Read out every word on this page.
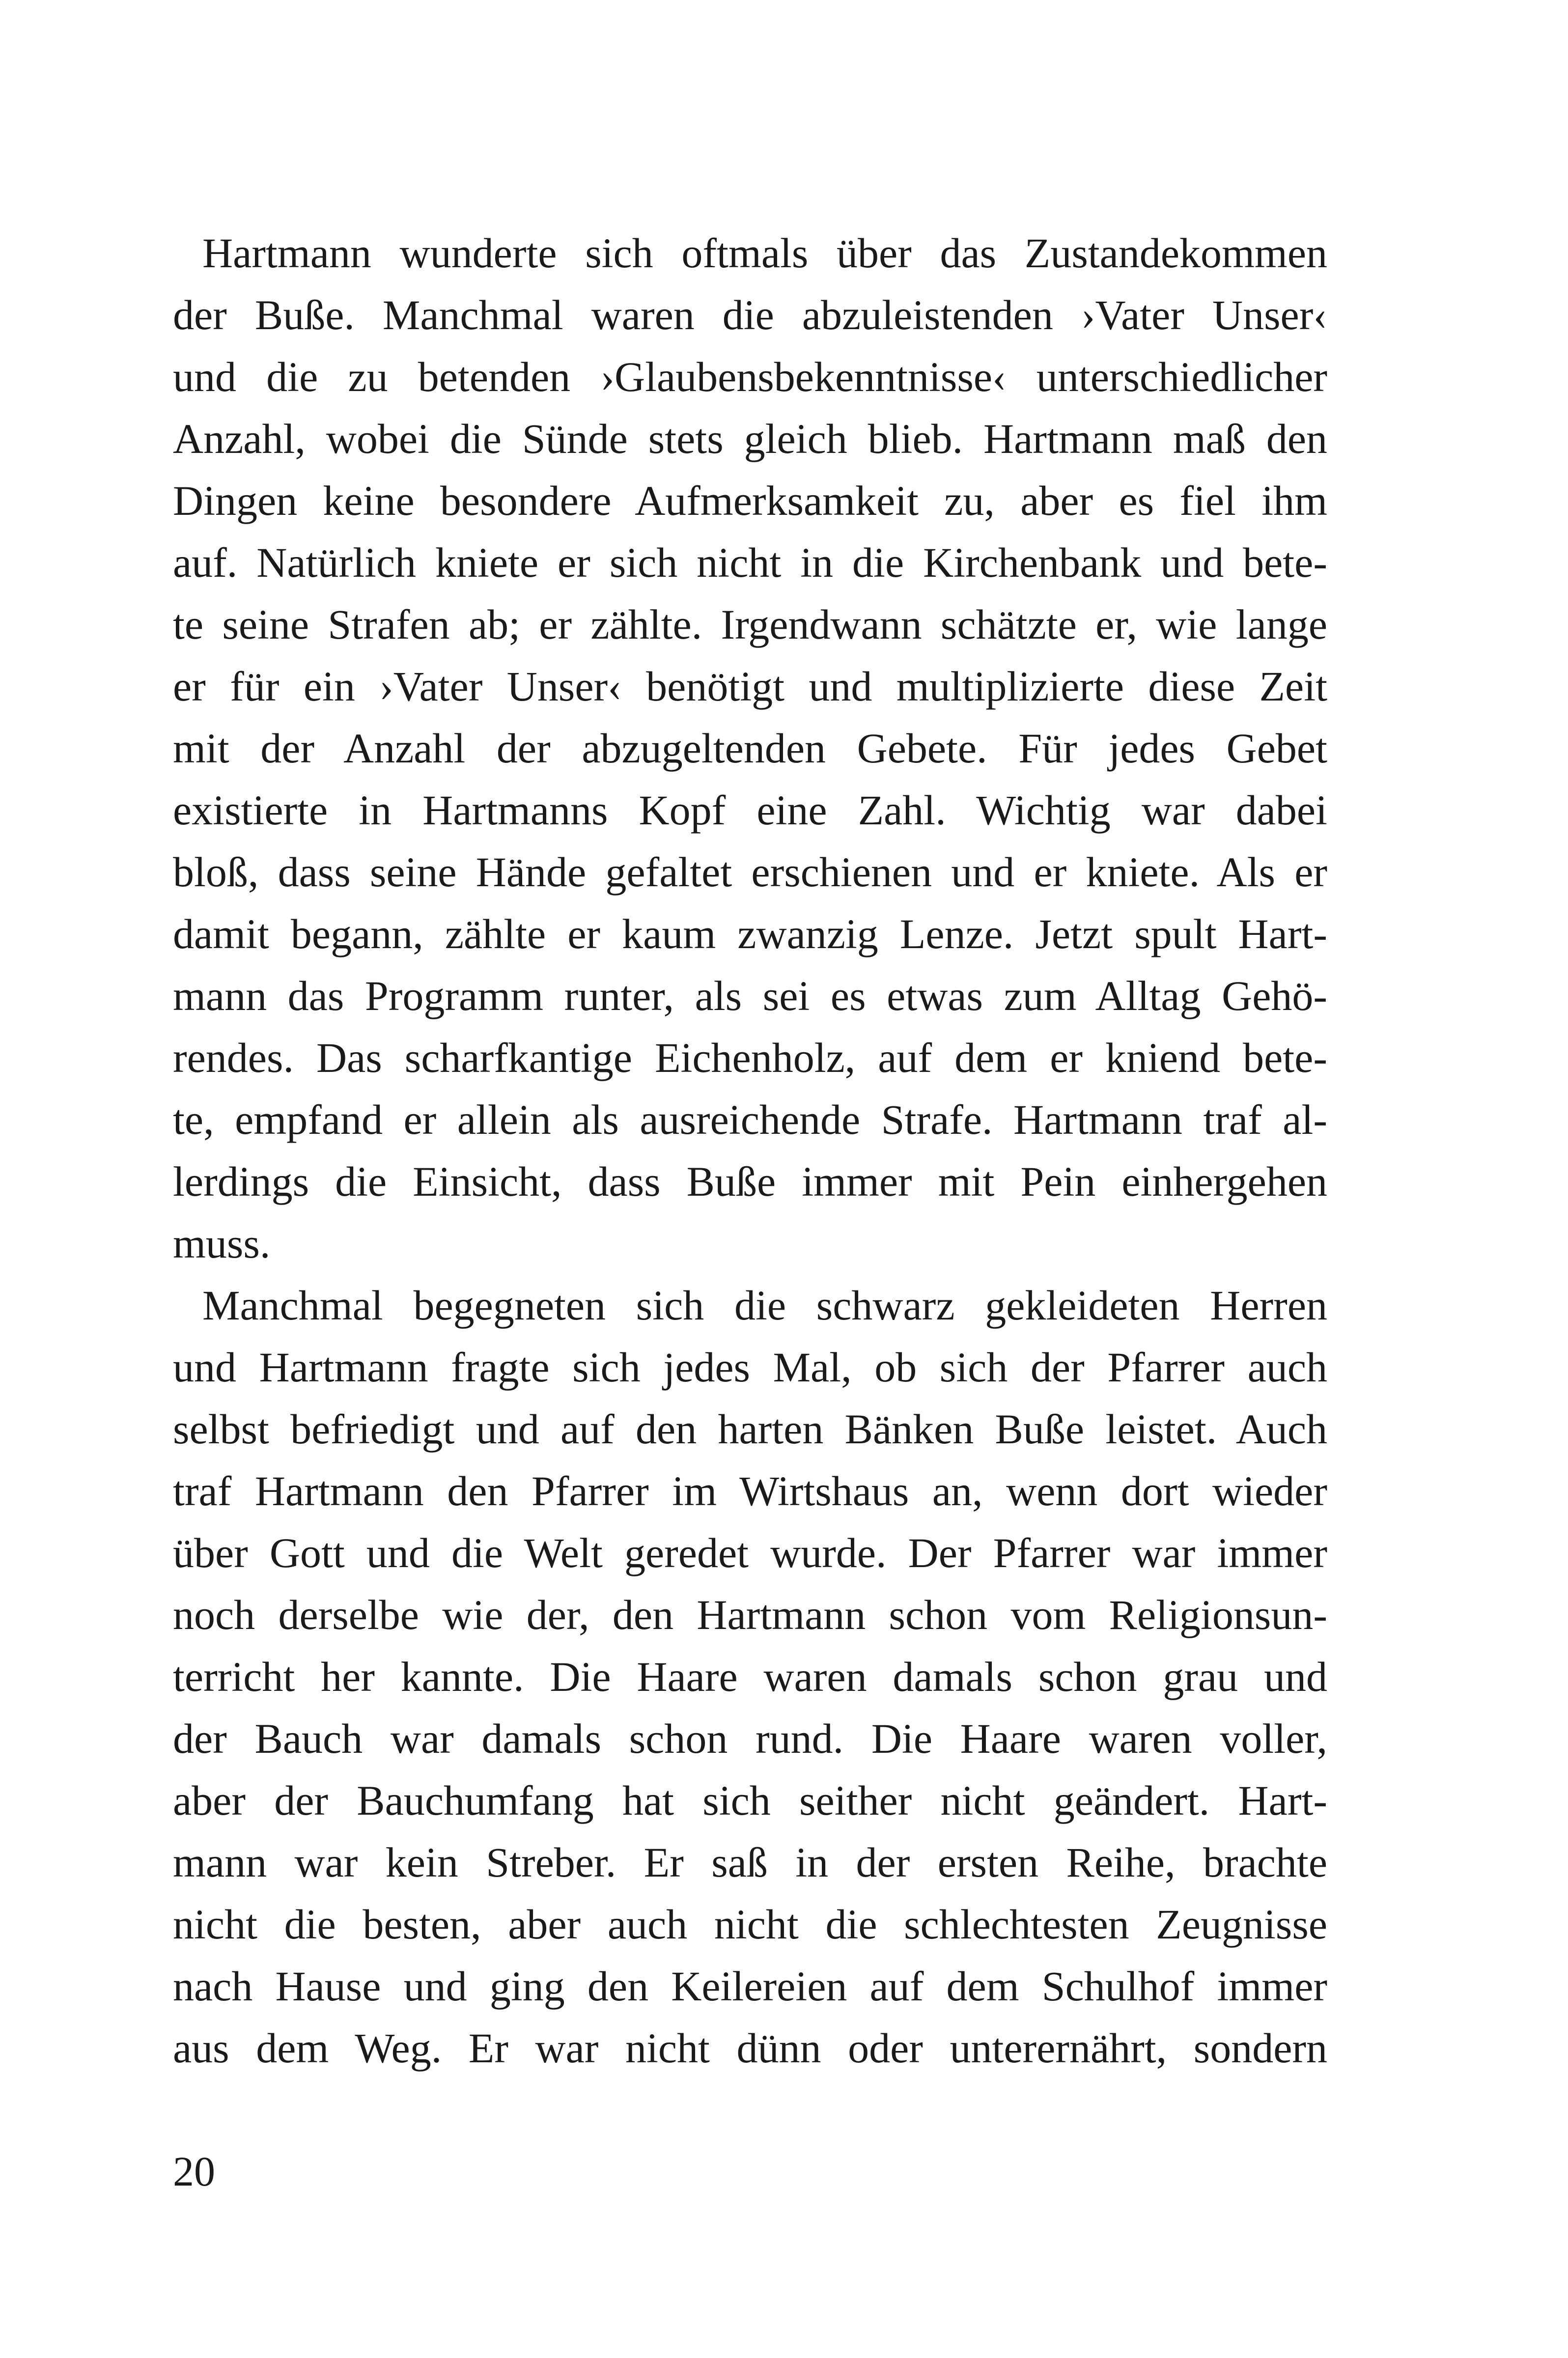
Hartmann wunderte sich oftmals über das Zustandekommen
der Buße. Manchmal waren die abzuleistenden ›Vater Unser‹
und die zu betenden ›Glaubensbekenntnisse‹ unterschiedlicher
Anzahl, wobei die Sünde stets gleich blieb. Hartmann maß den
Dingen keine besondere Aufmerksamkeit zu, aber es fiel ihm
auf. Natürlich kniete er sich nicht in die Kirchenbank und bete-
te seine Strafen ab; er zählte. Irgendwann schätzte er, wie lange
er für ein ›Vater Unser‹ benötigt und multiplizierte diese Zeit
mit der Anzahl der abzugeltenden Gebete. Für jedes Gebet
existierte in Hartmanns Kopf eine Zahl. Wichtig war dabei
bloß, dass seine Hände gefaltet erschienen und er kniete. Als er
damit begann, zählte er kaum zwanzig Lenze. Jetzt spult Hart-
mann das Programm runter, als sei es etwas zum Alltag Gehö-
rendes. Das scharfkantige Eichenholz, auf dem er kniend bete-
te, empfand er allein als ausreichende Strafe. Hartmann traf al-
lerdings die Einsicht, dass Buße immer mit Pein einhergehen
muss.
Manchmal begegneten sich die schwarz gekleideten Herren
und Hartmann fragte sich jedes Mal, ob sich der Pfarrer auch
selbst befriedigt und auf den harten Bänken Buße leistet. Auch
traf Hartmann den Pfarrer im Wirtshaus an, wenn dort wieder
über Gott und die Welt geredet wurde. Der Pfarrer war immer
noch derselbe wie der, den Hartmann schon vom Religionsun-
terricht her kannte. Die Haare waren damals schon grau und
der Bauch war damals schon rund. Die Haare waren voller,
aber der Bauchumfang hat sich seither nicht geändert. Hart-
mann war kein Streber. Er saß in der ersten Reihe, brachte
nicht die besten, aber auch nicht die schlechtesten Zeugnisse
nach Hause und ging den Keilereien auf dem Schulhof immer
aus dem Weg. Er war nicht dünn oder unterernährt, sondern
20
